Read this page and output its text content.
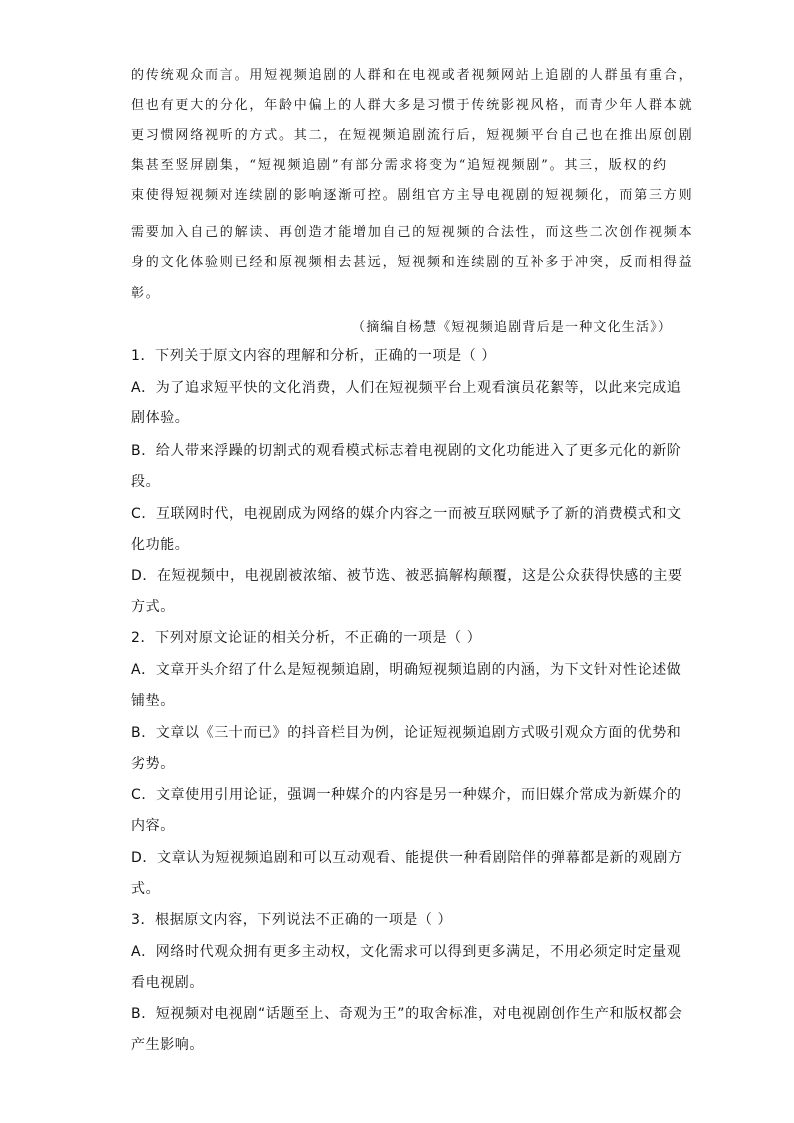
的传统观众而言。用短视频追剧的人群和在电视或者视频网站上追剧的人群虽有重合，

但也有更大的分化，年龄中偏上的人群大多是习惯于传统影视风格，而青少年人群本就

更习惯网络视听的方式。其二，在短视频追剧流行后，短视频平台自己也在推出原创剧

集甚至竖屏剧集，“短视频追剧”有部分需求将变为“追短视频剧”。其三，版权的约

束使得短视频对连续剧的影响逐渐可控。剧组官方主导电视剧的短视频化，而第三方则

需要加入自己的解读、再创造才能增加自己的短视频的合法性，而这些二次创作视频本

身的文化体验则已经和原视频相去甚远，短视频和连续剧的互补多于冲突，反而相得益

彰。

（摘编自杨慧《短视频追剧背后是一种文化生活》）

1．下列关于原文内容的理解和分析，正确的一项是（ ）

A．为了追求短平快的文化消费，人们在短视频平台上观看演员花絮等，以此来完成追

剧体验。

B．给人带来浮躁的切割式的观看模式标志着电视剧的文化功能进入了更多元化的新阶

段。

C．互联网时代，电视剧成为网络的媒介内容之一而被互联网赋予了新的消费模式和文

化功能。

D．在短视频中，电视剧被浓缩、被节选、被恶搞解构颠覆，这是公众获得快感的主要

方式。

2．下列对原文论证的相关分析，不正确的一项是（ ）

A．文章开头介绍了什么是短视频追剧，明确短视频追剧的内涵，为下文针对性论述做

铺垫。

B．文章以《三十而已》的抖音栏目为例，论证短视频追剧方式吸引观众方面的优势和

劣势。

C．文章使用引用论证，强调一种媒介的内容是另一种媒介，而旧媒介常成为新媒介的

内容。

D．文章认为短视频追剧和可以互动观看、能提供一种看剧陪伴的弹幕都是新的观剧方

式。

3．根据原文内容，下列说法不正确的一项是（ ）

A．网络时代观众拥有更多主动权，文化需求可以得到更多满足，不用必须定时定量观

看电视剧。

B．短视频对电视剧“话题至上、奇观为王”的取舍标准，对电视剧创作生产和版权都会

产生影响。
